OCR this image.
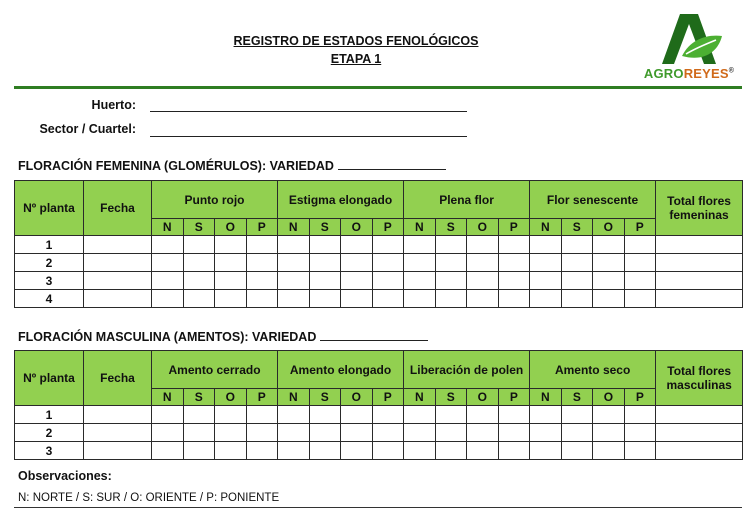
REGISTRO DE ESTADOS FENOLÓGICOS
ETAPA 1
AGROREYES®
Huerto:
Sector / Cuartel:
FLORACIÓN FEMENINA (GLOMÉRULOS): VARIEDAD
Nº planta	Fecha	Punto rojo				Estigma elongado				Plena flor				Flor senescente				Total flores femeninas
		N	S	O	P	N	S	O	P	N	S	O	P	N	S	O	P	
1																		
2																		
3																		
4																		
FLORACIÓN MASCULINA (AMENTOS): VARIEDAD
Nº planta	Fecha	Amento cerrado				Amento elongado				Liberación de polen				Amento seco				Total flores masculinas
		N	S	O	P	N	S	O	P	N	S	O	P	N	S	O	P	
1																		
2																		
3																		
Observaciones:
N: NORTE / S: SUR / O: ORIENTE / P: PONIENTE
